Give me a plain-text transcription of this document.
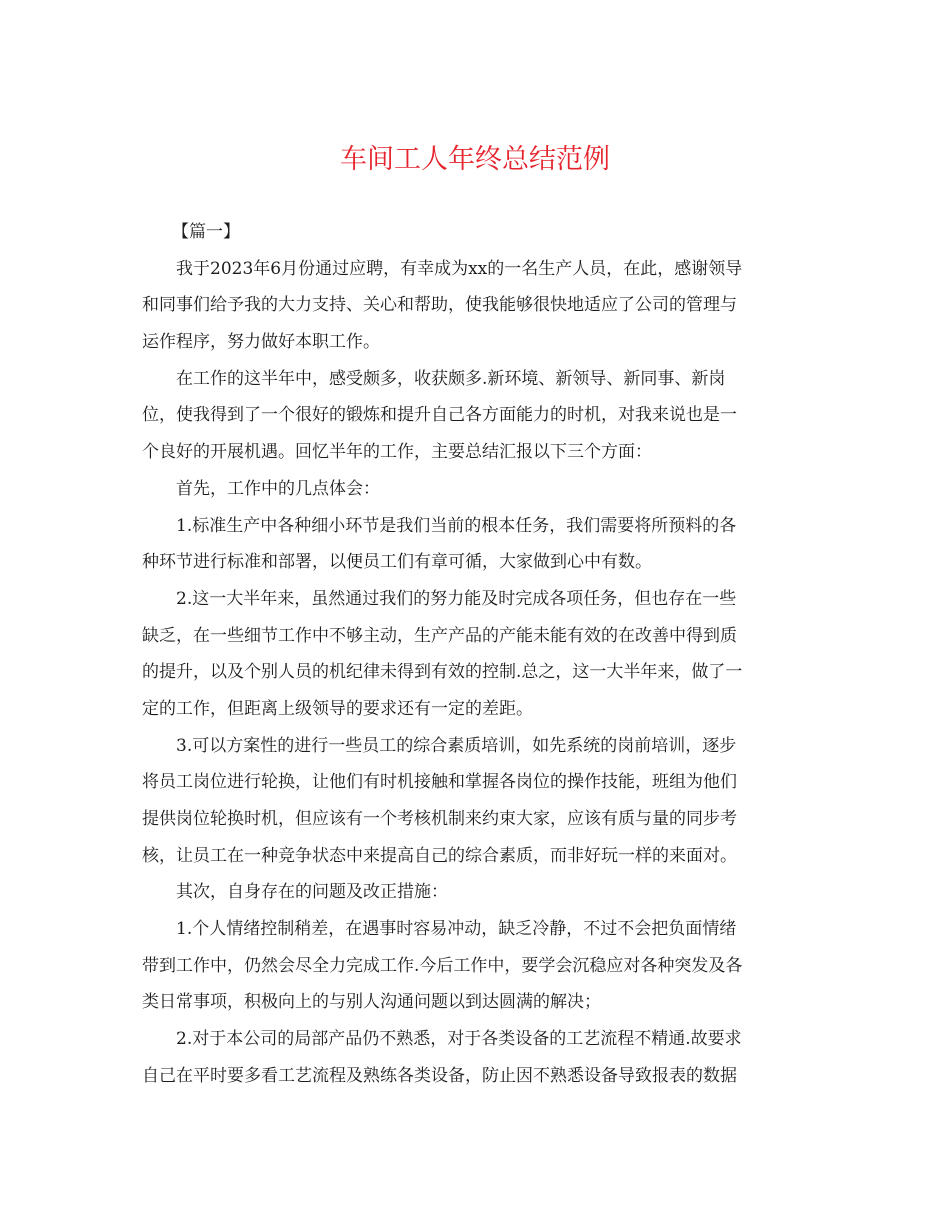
车间工人年终总结范例
【篇一】
我于2023年6月份通过应聘，有幸成为xx的一名生产人员，在此，感谢领导
和同事们给予我的大力支持、关心和帮助，使我能够很快地适应了公司的管理与
运作程序，努力做好本职工作。
在工作的这半年中，感受颇多，收获颇多.新环境、新领导、新同事、新岗
位，使我得到了一个很好的锻炼和提升自己各方面能力的时机，对我来说也是一
个良好的开展机遇。回忆半年的工作，主要总结汇报以下三个方面：
首先，工作中的几点体会：
1.标准生产中各种细小环节是我们当前的根本任务，我们需要将所预料的各
种环节进行标准和部署，以便员工们有章可循，大家做到心中有数。
2.这一大半年来，虽然通过我们的努力能及时完成各项任务，但也存在一些
缺乏，在一些细节工作中不够主动，生产产品的产能未能有效的在改善中得到质
的提升，以及个别人员的机纪律未得到有效的控制.总之，这一大半年来，做了一
定的工作，但距离上级领导的要求还有一定的差距。
3.可以方案性的进行一些员工的综合素质培训，如先系统的岗前培训，逐步
将员工岗位进行轮换，让他们有时机接触和掌握各岗位的操作技能，班组为他们
提供岗位轮换时机，但应该有一个考核机制来约束大家，应该有质与量的同步考
核，让员工在一种竞争状态中来提高自己的综合素质，而非好玩一样的来面对。
其次，自身存在的问题及改正措施：
1.个人情绪控制稍差，在遇事时容易冲动，缺乏冷静，不过不会把负面情绪
带到工作中，仍然会尽全力完成工作.今后工作中，要学会沉稳应对各种突发及各
类日常事项，积极向上的与别人沟通问题以到达圆满的解决；
2.对于本公司的局部产品仍不熟悉，对于各类设备的工艺流程不精通.故要求
自己在平时要多看工艺流程及熟练各类设备，防止因不熟悉设备导致报表的数据
